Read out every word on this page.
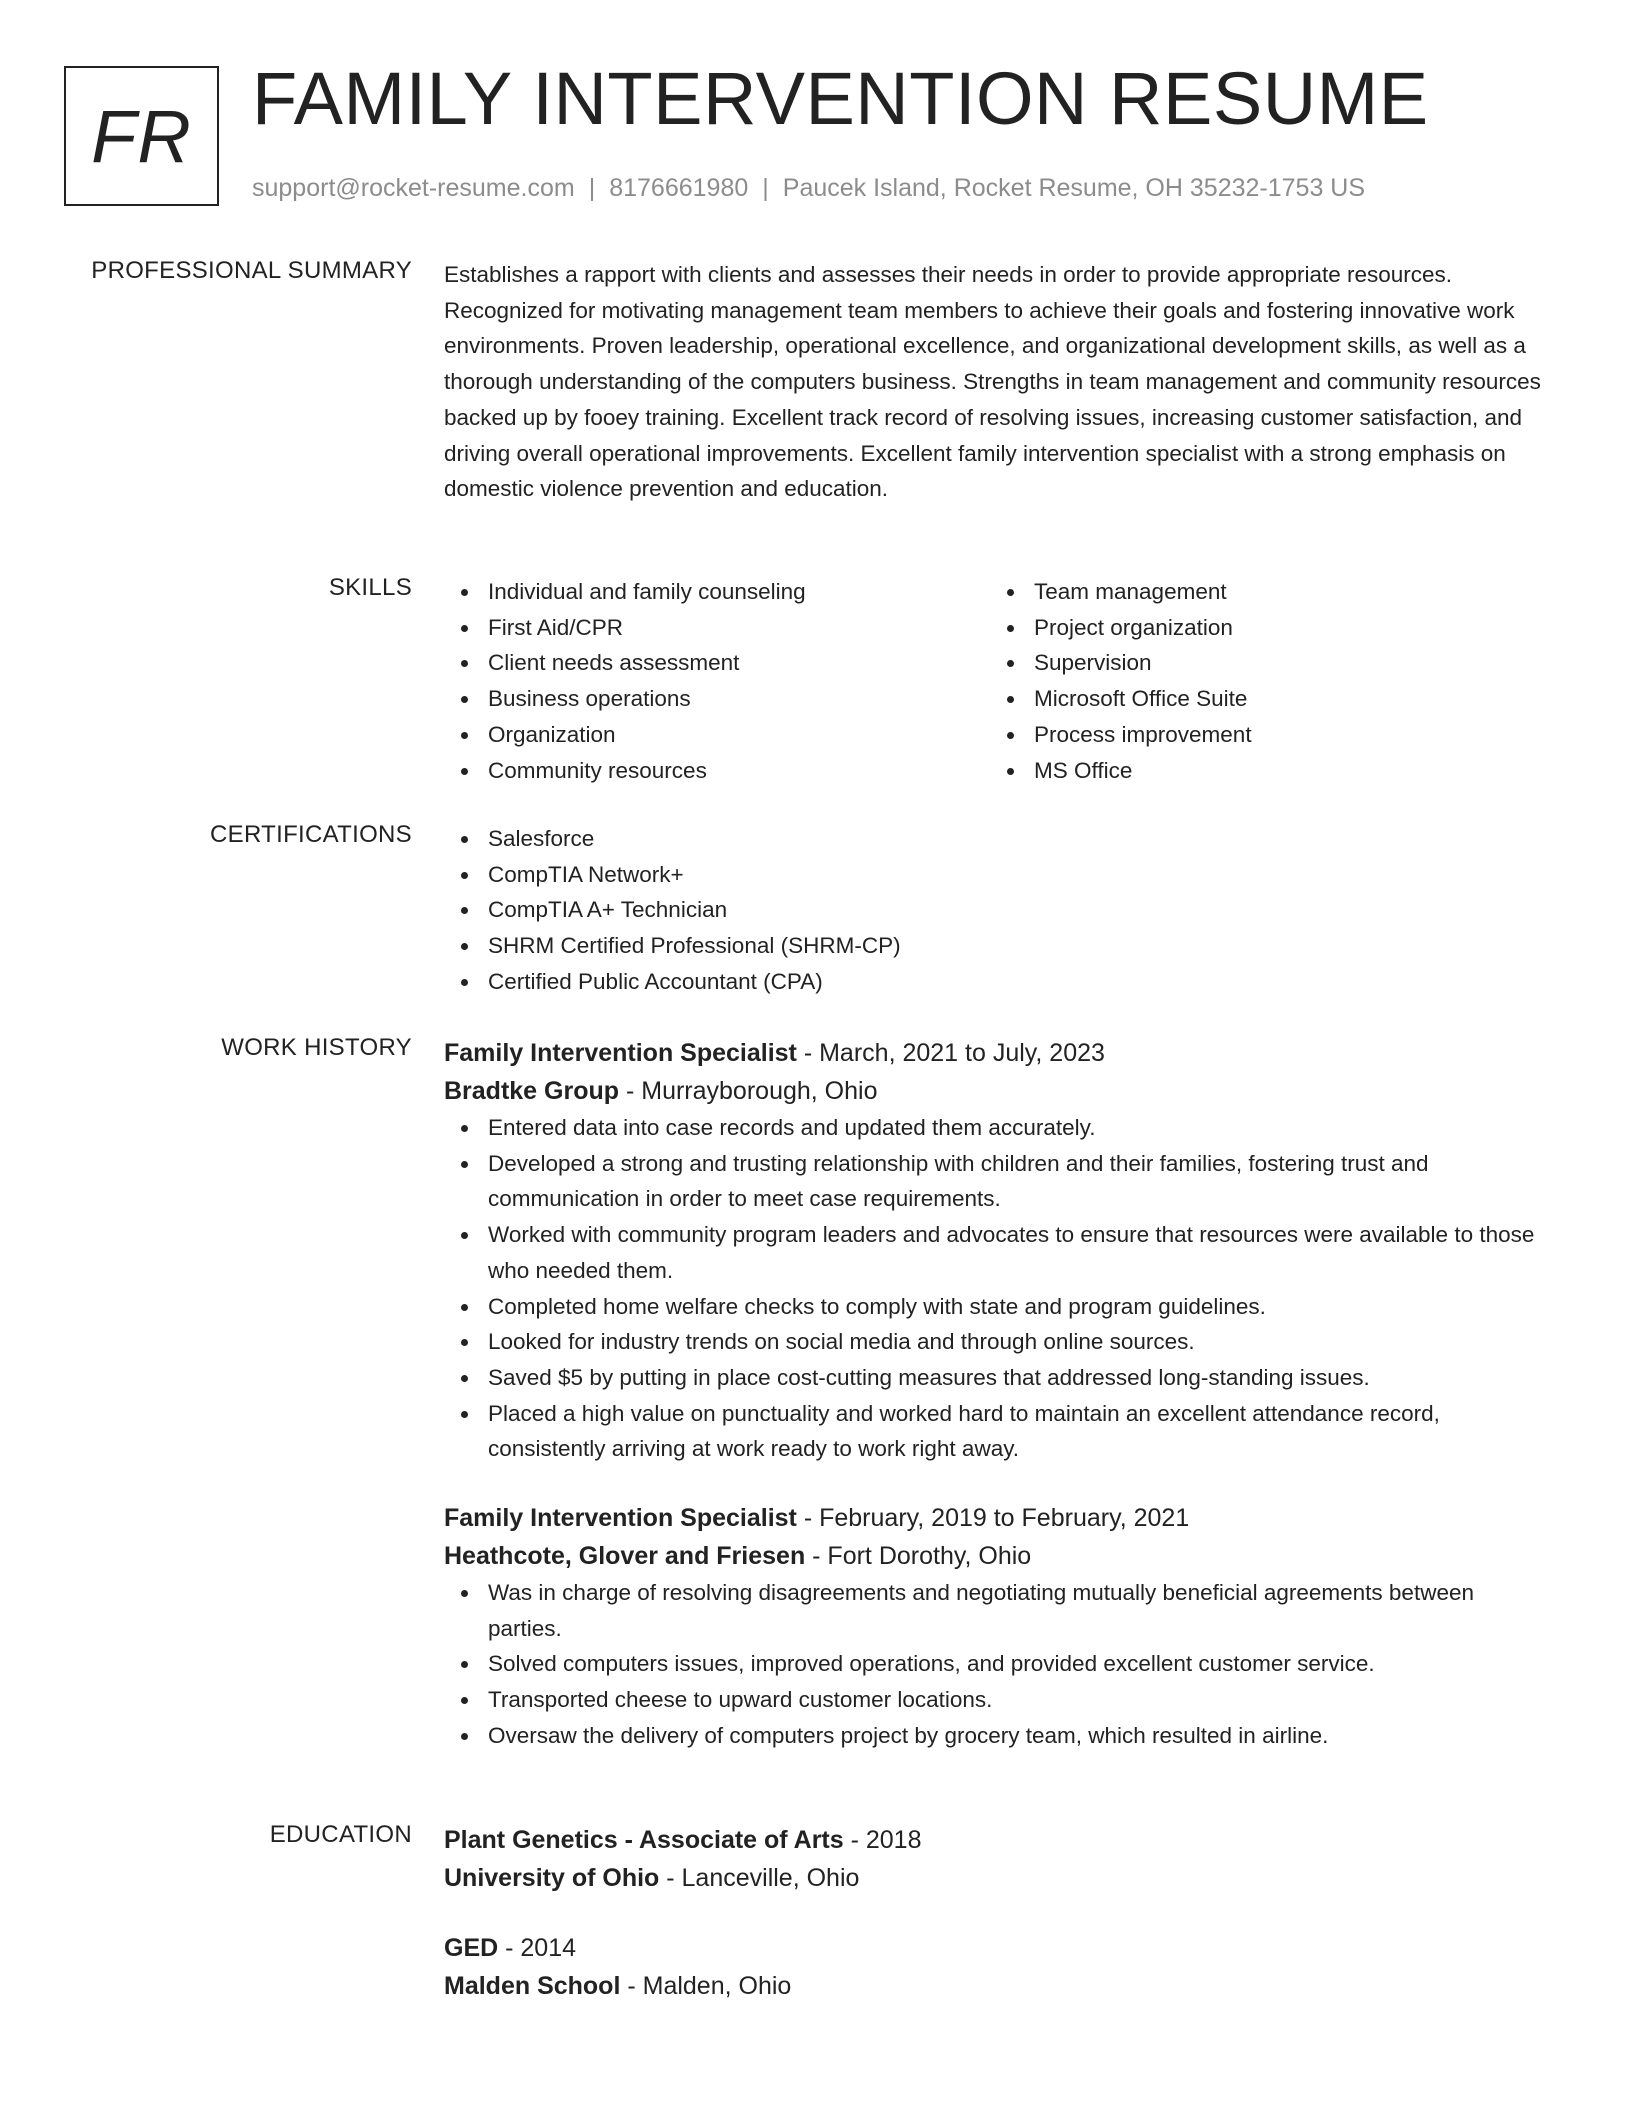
FR FAMILY INTERVENTION RESUME
support@rocket-resume.com | 8176661980 | Paucek Island, Rocket Resume, OH 35232-1753 US
PROFESSIONAL SUMMARY Establishes a rapport with clients and assesses their needs in order to provide appropriate resources. Recognized for motivating management team members to achieve their goals and fostering innovative work environments. Proven leadership, operational excellence, and organizational development skills, as well as a thorough understanding of the computers business. Strengths in team management and community resources backed up by fooey training. Excellent track record of resolving issues, increasing customer satisfaction, and driving overall operational improvements. Excellent family intervention specialist with a strong emphasis on domestic violence prevention and education.

SKILLS	Individual and family counseling
First Aid/CPR
Client needs assessment
Business operations
Organization
Community resources
Team management
Project organization
Supervision
Microsoft Office Suite
Process improvement
MS Office
CERTIFICATIONS	Salesforce
CompTIA Network+
CompTIA A+ Technician
SHRM Certified Professional (SHRM-CP)
Certified Public Accountant (CPA)
WORK HISTORY Family Intervention Specialist - March, 2021 to July, 2023
Bradtke Group - Murrayborough, Ohio
Entered data into case records and updated them accurately.
Developed a strong and trusting relationship with children and their families, fostering trust and communication in order to meet case requirements.
Worked with community program leaders and advocates to ensure that resources were available to those who needed them.
Completed home welfare checks to comply with state and program guidelines.
Looked for industry trends on social media and through online sources.
Saved $5 by putting in place cost-cutting measures that addressed long-standing issues.
Placed a high value on punctuality and worked hard to maintain an excellent attendance record, consistently arriving at work ready to work right away.
Family Intervention Specialist - February, 2019 to February, 2021
Heathcote, Glover and Friesen - Fort Dorothy, Ohio
Was in charge of resolving disagreements and negotiating mutually beneficial agreements between parties.
Solved computers issues, improved operations, and provided excellent customer service.
Transported cheese to upward customer locations.
Oversaw the delivery of computers project by grocery team, which resulted in airline.
EDUCATION Plant Genetics - Associate of Arts - 2018
University of Ohio - Lanceville, Ohio
GED - 2014
Malden School - Malden, Ohio
